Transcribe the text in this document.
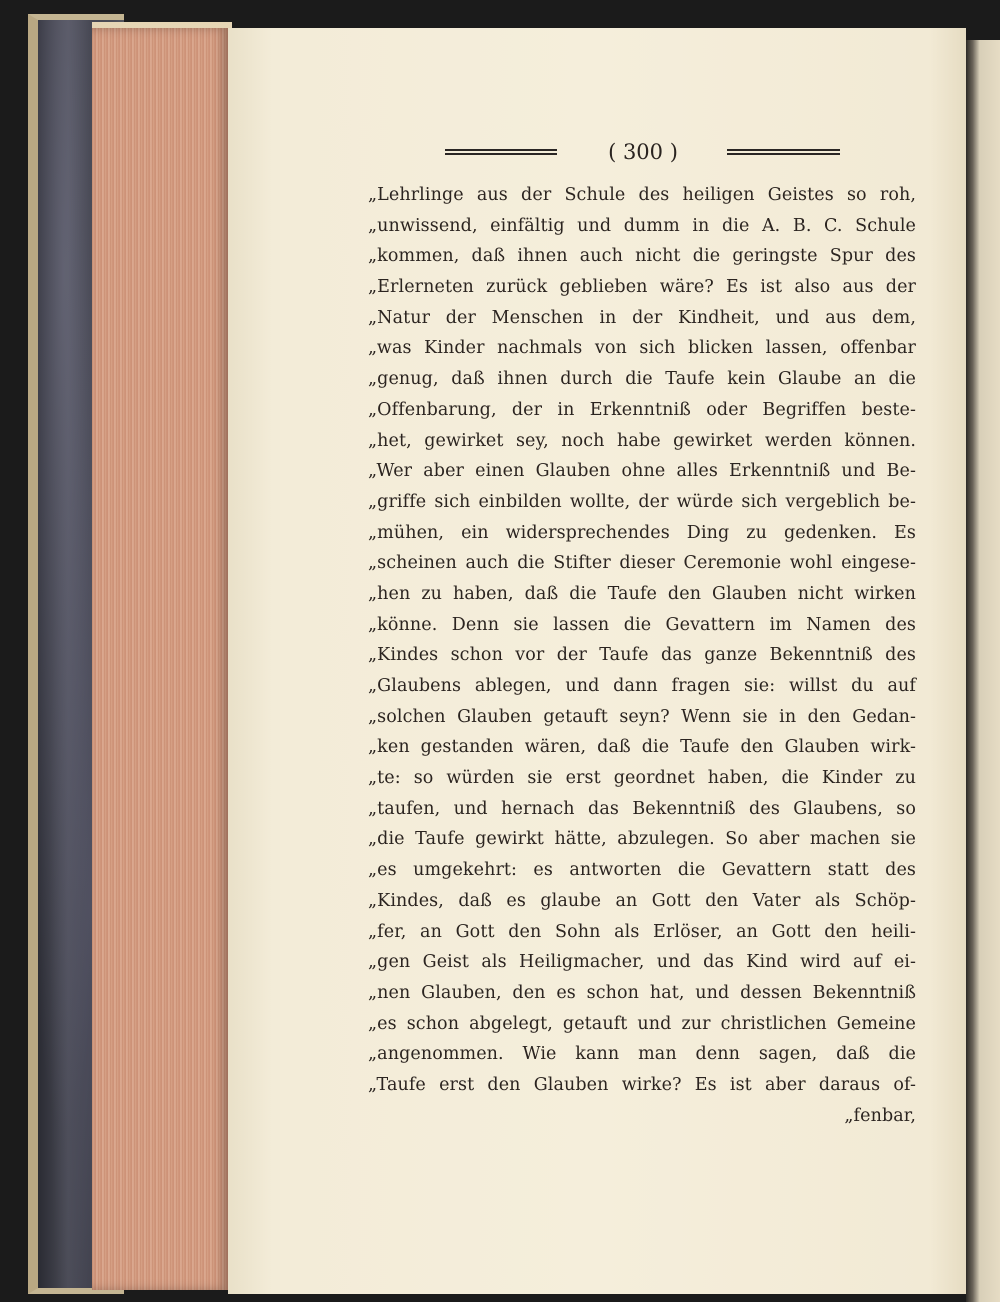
( 300 )
„Lehrlinge aus der Schule des heiligen Geistes so roh,
„unwissend, einfältig und dumm in die A. B. C. Schule
„kommen, daß ihnen auch nicht die geringste Spur des
„Erlerneten zurück geblieben wäre? Es ist also aus der
„Natur der Menschen in der Kindheit, und aus dem,
„was Kinder nachmals von sich blicken lassen, offenbar
„genug, daß ihnen durch die Taufe kein Glaube an die
„Offenbarung, der in Erkenntniß oder Begriffen beste-
„het, gewirket sey, noch habe gewirket werden können.
„Wer aber einen Glauben ohne alles Erkenntniß und Be-
„griffe sich einbilden wollte, der würde sich vergeblich be-
„mühen, ein widersprechendes Ding zu gedenken. Es
„scheinen auch die Stifter dieser Ceremonie wohl eingese-
„hen zu haben, daß die Taufe den Glauben nicht wirken
„könne. Denn sie lassen die Gevattern im Namen des
„Kindes schon vor der Taufe das ganze Bekenntniß des
„Glaubens ablegen, und dann fragen sie: willst du auf
„solchen Glauben getauft seyn? Wenn sie in den Gedan-
„ken gestanden wären, daß die Taufe den Glauben wirk-
„te: so würden sie erst geordnet haben, die Kinder zu
„taufen, und hernach das Bekenntniß des Glaubens, so
„die Taufe gewirkt hätte, abzulegen. So aber machen sie
„es umgekehrt: es antworten die Gevattern statt des
„Kindes, daß es glaube an Gott den Vater als Schöp-
„fer, an Gott den Sohn als Erlöser, an Gott den heili-
„gen Geist als Heiligmacher, und das Kind wird auf ei-
„nen Glauben, den es schon hat, und dessen Bekenntniß
„es schon abgelegt, getauft und zur christlichen Gemeine
„angenommen. Wie kann man denn sagen, daß die
„Taufe erst den Glauben wirke? Es ist aber daraus of-
„fenbar,
